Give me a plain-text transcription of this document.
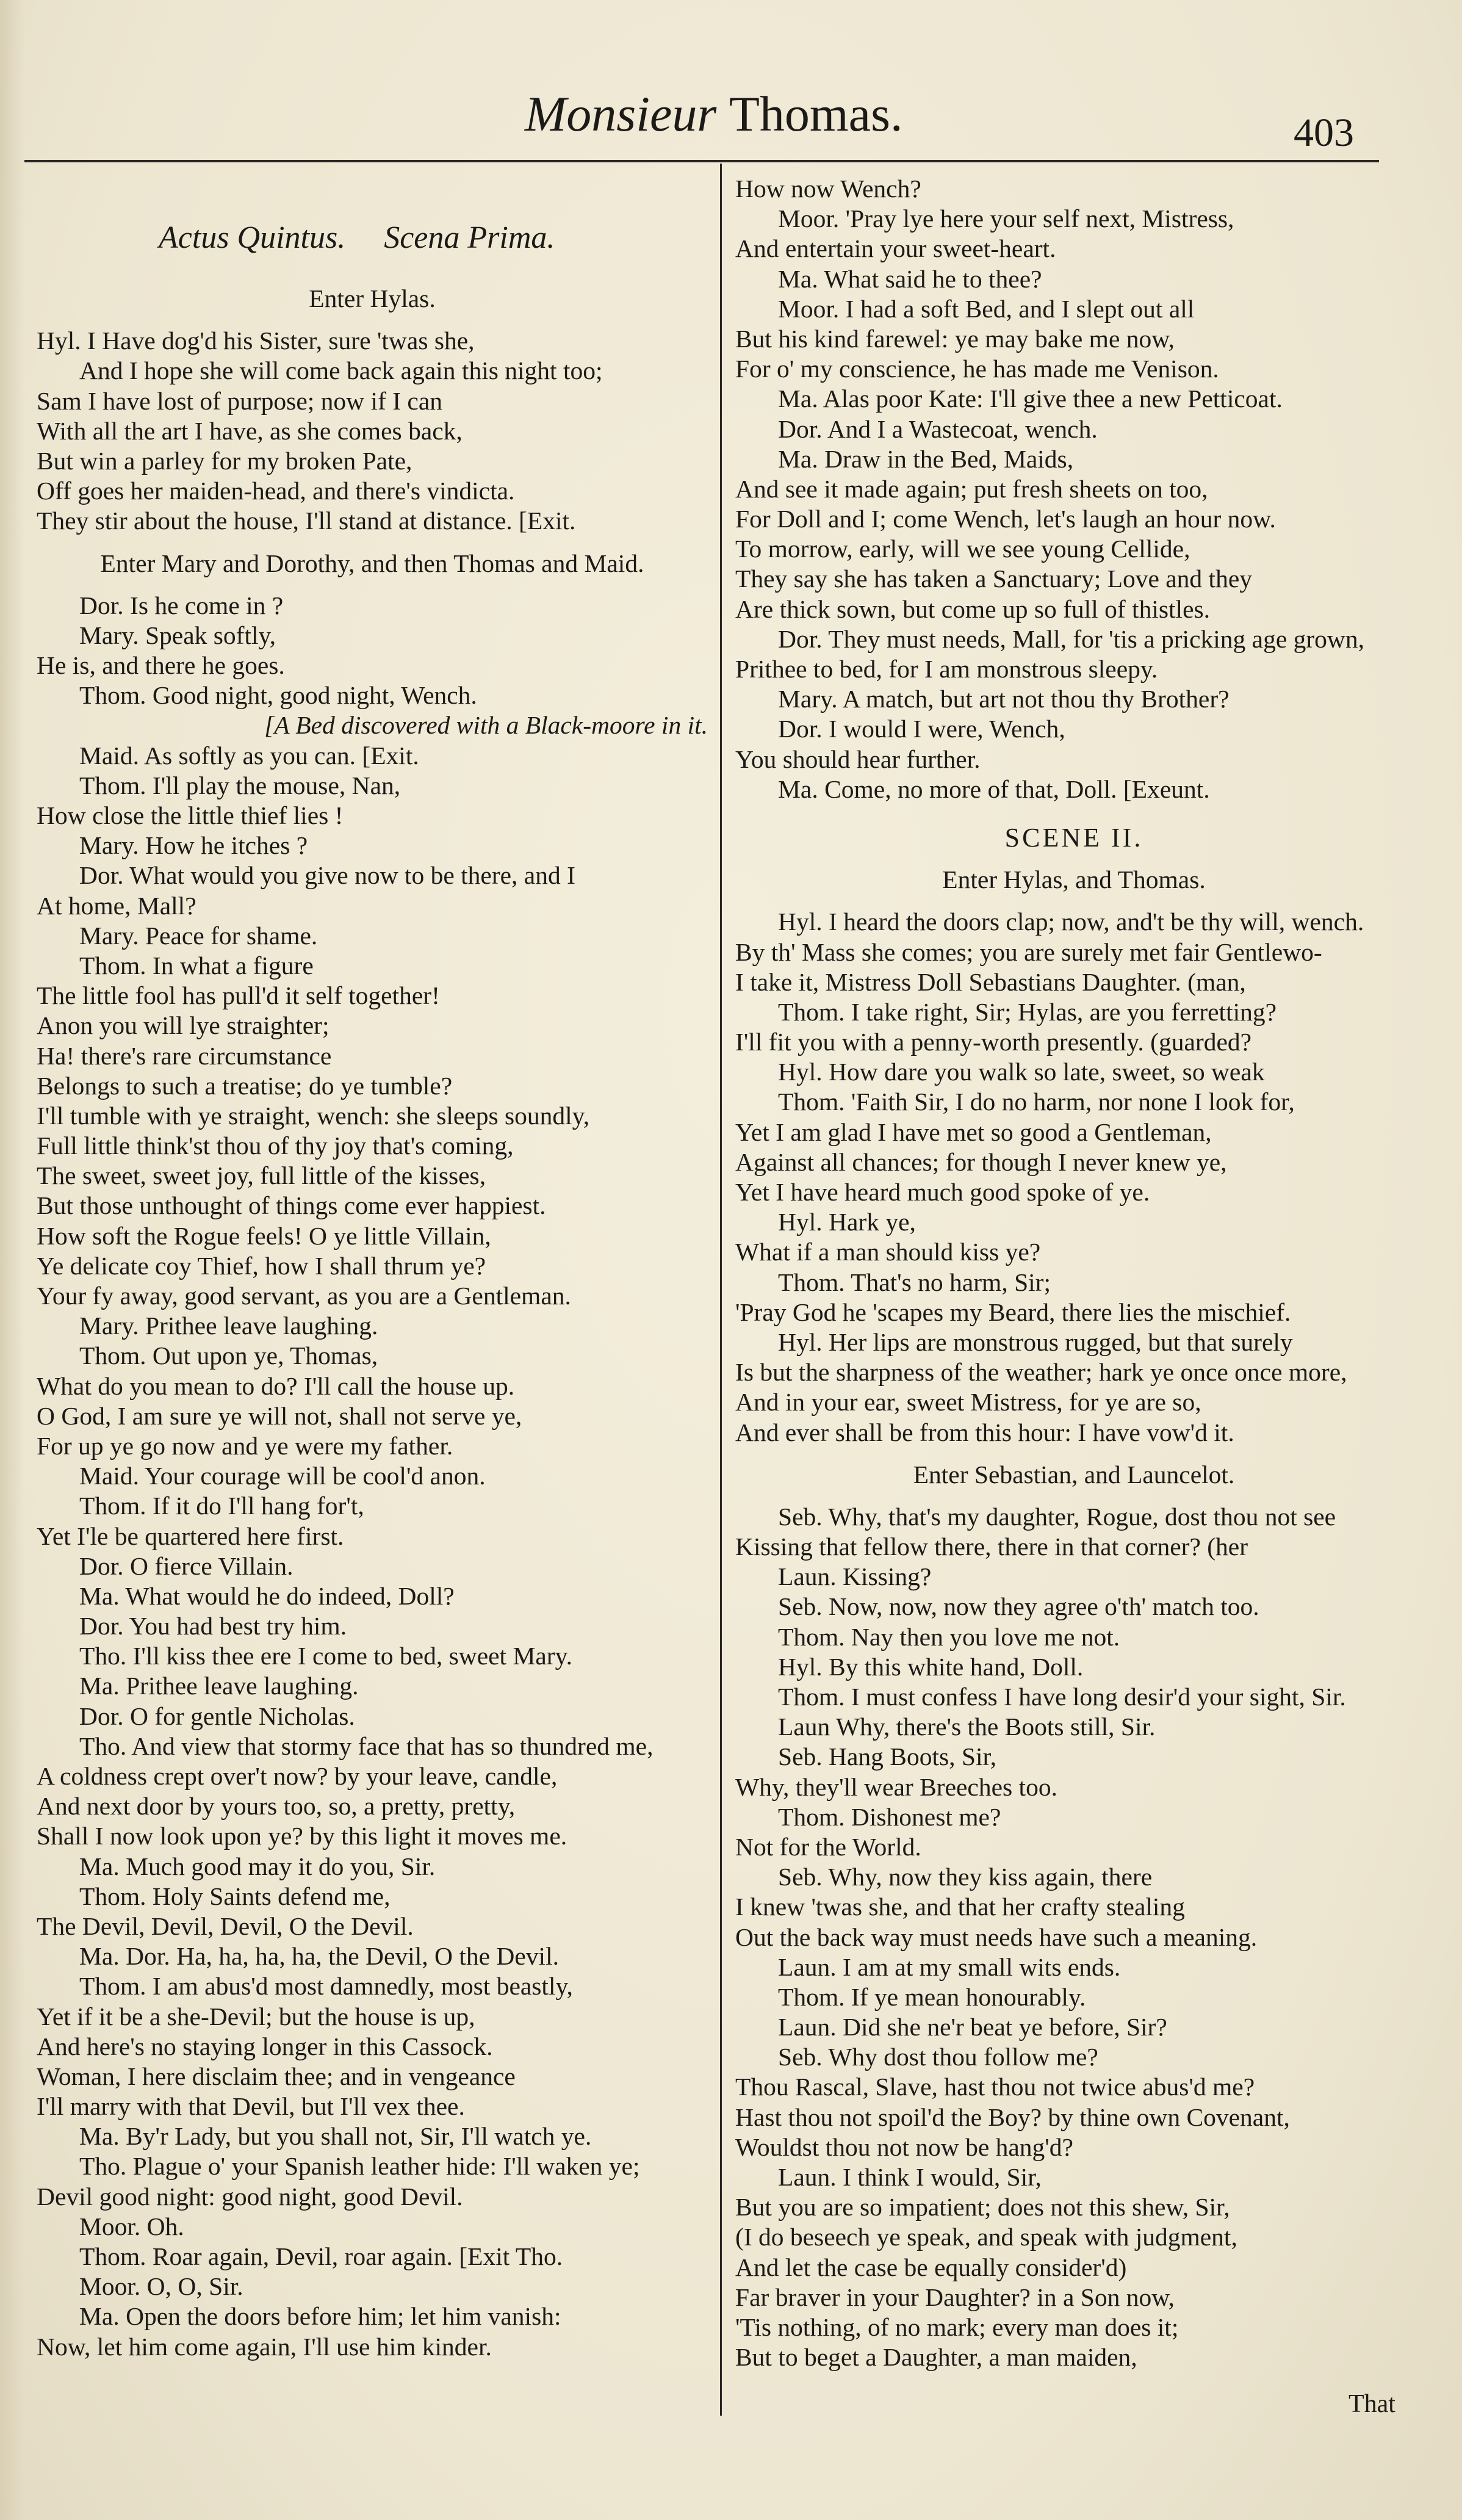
Monsieur Thomas.	403
Actus Quintus. Scena Prima.
Enter Hylas.
Hyl. I Have dog'd his Sister, sure 'twas she,
And I hope she will come back again this night too;
Sam I have lost of purpose; now if I can
With all the art I have, as she comes back,
But win a parley for my broken Pate,
Off goes her maiden-head, and there's vindicta.
They stir about the house, I'll stand at distance. [Exit.
Enter Mary and Dorothy, and then Thomas and Maid.
Dor. Is he come in ?
Mary. Speak softly,
He is, and there he goes.
Thom. Good night, good night, Wench.
[A Bed discovered with a Black-moore in it.
Maid. As softly as you can. [Exit.
Thom. I'll play the mouse, Nan,
How close the little thief lies !
Mary. How he itches ?
Dor. What would you give now to be there, and I
At home, Mall?
Mary. Peace for shame.
Thom. In what a figure
The little fool has pull'd it self together!
Anon you will lye straighter;
Ha! there's rare circumstance
Belongs to such a treatise; do ye tumble?
I'll tumble with ye straight, wench: she sleeps soundly,
Full little think'st thou of thy joy that's coming,
The sweet, sweet joy, full little of the kisses,
But those unthought of things come ever happiest.
How soft the Rogue feels! O ye little Villain,
Ye delicate coy Thief, how I shall thrum ye?
Your fy away, good servant, as you are a Gentleman.
Mary. Prithee leave laughing.
Thom. Out upon ye, Thomas,
What do you mean to do? I'll call the house up.
O God, I am sure ye will not, shall not serve ye,
For up ye go now and ye were my father.
Maid. Your courage will be cool'd anon.
Thom. If it do I'll hang for't,
Yet I'le be quartered here first.
Dor. O fierce Villain.
Ma. What would he do indeed, Doll?
Dor. You had best try him.
Tho. I'll kiss thee ere I come to bed, sweet Mary.
Ma. Prithee leave laughing.
Dor. O for gentle Nicholas.
Tho. And view that stormy face that has so thundred me,
A coldness crept over't now? by your leave, candle,
And next door by yours too, so, a pretty, pretty,
Shall I now look upon ye? by this light it moves me.
Ma. Much good may it do you, Sir.
Thom. Holy Saints defend me,
The Devil, Devil, Devil, O the Devil.
Ma. Dor. Ha, ha, ha, ha, the Devil, O the Devil.
Thom. I am abus'd most damnedly, most beastly,
Yet if it be a she-Devil; but the house is up,
And here's no staying longer in this Cassock.
Woman, I here disclaim thee; and in vengeance
I'll marry with that Devil, but I'll vex thee.
Ma. By'r Lady, but you shall not, Sir, I'll watch ye.
Tho. Plague o' your Spanish leather hide: I'll waken ye;
Devil good night: good night, good Devil.
Moor. Oh.
Thom. Roar again, Devil, roar again. [Exit Tho.
Moor. O, O, Sir.
Ma. Open the doors before him; let him vanish:
Now, let him come again, I'll use him kinder.
How now Wench?
Moor. 'Pray lye here your self next, Mistress,
And entertain your sweet-heart.
Ma. What said he to thee?
Moor. I had a soft Bed, and I slept out all
But his kind farewel: ye may bake me now,
For o' my conscience, he has made me Venison.
Ma. Alas poor Kate: I'll give thee a new Petticoat.
Dor. And I a Wastecoat, wench.
Ma. Draw in the Bed, Maids,
And see it made again; put fresh sheets on too,
For Doll and I; come Wench, let's laugh an hour now.
To morrow, early, will we see young Cellide,
They say she has taken a Sanctuary; Love and they
Are thick sown, but come up so full of thistles.
Dor. They must needs, Mall, for 'tis a pricking age grown,
Prithee to bed, for I am monstrous sleepy.
Mary. A match, but art not thou thy Brother?
Dor. I would I were, Wench,
You should hear further.
Ma. Come, no more of that, Doll. [Exeunt.
SCENE II.
Enter Hylas, and Thomas.
Hyl. I heard the doors clap; now, and't be thy will, wench.
By th' Mass she comes; you are surely met fair Gentlewo-
I take it, Mistress Doll Sebastians Daughter. (man,
Thom. I take right, Sir; Hylas, are you ferretting?
I'll fit you with a penny-worth presently. (guarded?
Hyl. How dare you walk so late, sweet, so weak
Thom. 'Faith Sir, I do no harm, nor none I look for,
Yet I am glad I have met so good a Gentleman,
Against all chances; for though I never knew ye,
Yet I have heard much good spoke of ye.
Hyl. Hark ye,
What if a man should kiss ye?
Thom. That's no harm, Sir;
'Pray God he 'scapes my Beard, there lies the mischief.
Hyl. Her lips are monstrous rugged, but that surely
Is but the sharpness of the weather; hark ye once once more,
And in your ear, sweet Mistress, for ye are so,
And ever shall be from this hour: I have vow'd it.
Enter Sebastian, and Launcelot.
Seb. Why, that's my daughter, Rogue, dost thou not see
Kissing that fellow there, there in that corner? (her
Laun. Kissing?
Seb. Now, now, now they agree o'th' match too.
Thom. Nay then you love me not.
Hyl. By this white hand, Doll.
Thom. I must confess I have long desir'd your sight, Sir.
Laun Why, there's the Boots still, Sir.
Seb. Hang Boots, Sir,
Why, they'll wear Breeches too.
Thom. Dishonest me?
Not for the World.
Seb. Why, now they kiss again, there
I knew 'twas she, and that her crafty stealing
Out the back way must needs have such a meaning.
Laun. I am at my small wits ends.
Thom. If ye mean honourably.
Laun. Did she ne'r beat ye before, Sir?
Seb. Why dost thou follow me?
Thou Rascal, Slave, hast thou not twice abus'd me?
Hast thou not spoil'd the Boy? by thine own Covenant,
Wouldst thou not now be hang'd?
Laun. I think I would, Sir,
But you are so impatient; does not this shew, Sir,
(I do beseech ye speak, and speak with judgment,
And let the case be equally consider'd)
Far braver in your Daughter? in a Son now,
'Tis nothing, of no mark; every man does it;
But to beget a Daughter, a man maiden,
That
